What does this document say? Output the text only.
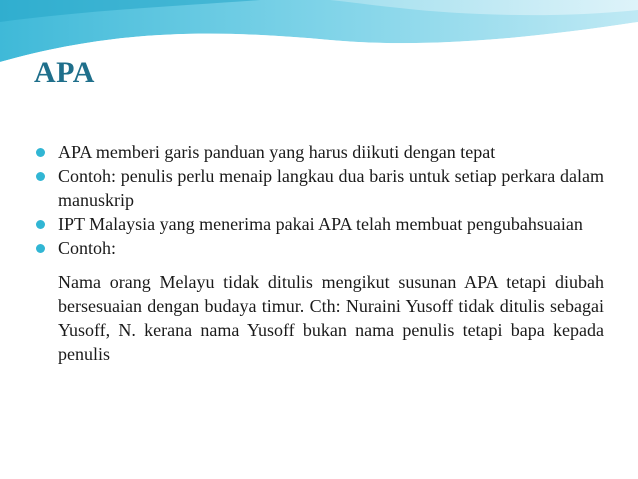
APA
APA memberi garis panduan yang harus diikuti dengan tepat
Contoh: penulis perlu menaip langkau dua baris untuk setiap perkara dalam manuskrip
IPT Malaysia yang menerima pakai APA telah membuat pengubahsuaian
Contoh:
Nama orang Melayu tidak ditulis mengikut susunan APA tetapi diubah bersesuaian dengan budaya timur. Cth: Nuraini Yusoff tidak ditulis sebagai Yusoff, N. kerana nama Yusoff bukan nama penulis tetapi bapa kepada penulis
